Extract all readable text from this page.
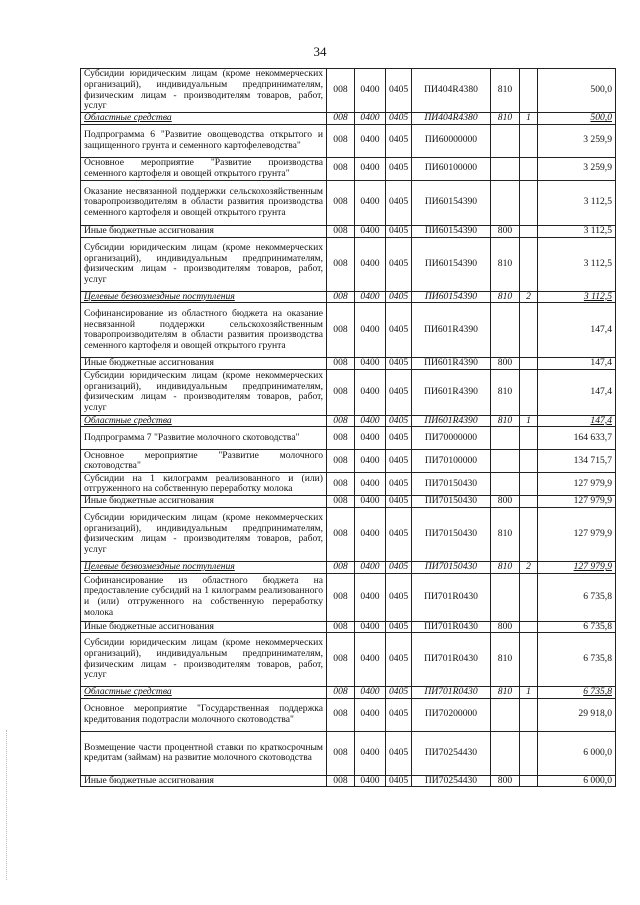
34
Субсидии юридическим лицам (кроме некоммерческих организаций), индивидуальным предпринимателям, физическим лицам - производителям товаров, работ, услуг	008	0400	0405	ПИ404R4380	810		500,0
Областные средства	008	0400	0405	ПИ404R4380	810	1	500,0
Подпрограмма 6 "Развитие овощеводства открытого и защищенного грунта и семенного картофелеводства"	008	0400	0405	ПИ60000000			3 259,9
Основное мероприятие "Развитие производства семенного картофеля и овощей открытого грунта"	008	0400	0405	ПИ60100000			3 259,9
Оказание несвязанной поддержки сельскохозяйственным товаропроизводителям в области развития производства семенного картофеля и овощей открытого грунта	008	0400	0405	ПИ60154390			3 112,5
Иные бюджетные ассигнования	008	0400	0405	ПИ60154390	800		3 112,5
Субсидии юридическим лицам (кроме некоммерческих организаций), индивидуальным предпринимателям, физическим лицам - производителям товаров, работ, услуг	008	0400	0405	ПИ60154390	810		3 112,5
Целевые безвозмездные поступления	008	0400	0405	ПИ60154390	810	2	3 112,5
Софинансирование из областного бюджета на оказание несвязанной поддержки сельскохозяйственным товаропроизводителям в области развития производства семенного картофеля и овощей открытого грунта	008	0400	0405	ПИ601R4390			147,4
Иные бюджетные ассигнования	008	0400	0405	ПИ601R4390	800		147,4
Субсидии юридическим лицам (кроме некоммерческих организаций), индивидуальным предпринимателям, физическим лицам - производителям товаров, работ, услуг	008	0400	0405	ПИ601R4390	810		147,4
Областные средства	008	0400	0405	ПИ601R4390	810	1	147,4
Подпрограмма 7 "Развитие молочного скотоводства"	008	0400	0405	ПИ70000000			164 633,7
Основное мероприятие "Развитие молочного скотоводства"	008	0400	0405	ПИ70100000			134 715,7
Субсидии на 1 килограмм реализованного и (или) отгруженного на собственную переработку молока	008	0400	0405	ПИ70150430			127 979,9
Иные бюджетные ассигнования	008	0400	0405	ПИ70150430	800		127 979,9
Субсидии юридическим лицам (кроме некоммерческих организаций), индивидуальным предпринимателям, физическим лицам - производителям товаров, работ, услуг	008	0400	0405	ПИ70150430	810		127 979,9
Целевые безвозмездные поступления	008	0400	0405	ПИ70150430	810	2	127 979,9
Софинансирование из областного бюджета на предоставление субсидий на 1 килограмм реализованного и (или) отгруженного на собственную переработку молока	008	0400	0405	ПИ701R0430			6 735,8
Иные бюджетные ассигнования	008	0400	0405	ПИ701R0430	800		6 735,8
Субсидии юридическим лицам (кроме некоммерческих организаций), индивидуальным предпринимателям, физическим лицам - производителям товаров, работ, услуг	008	0400	0405	ПИ701R0430	810		6 735,8
Областные средства	008	0400	0405	ПИ701R0430	810	1	6 735,8
Основное мероприятие "Государственная поддержка кредитования подотрасли молочного скотоводства"	008	0400	0405	ПИ70200000			29 918,0
Возмещение части процентной ставки по краткосрочным кредитам (займам) на развитие молочного скотоводства	008	0400	0405	ПИ70254430			6 000,0
Иные бюджетные ассигнования	008	0400	0405	ПИ70254430	800		6 000,0
